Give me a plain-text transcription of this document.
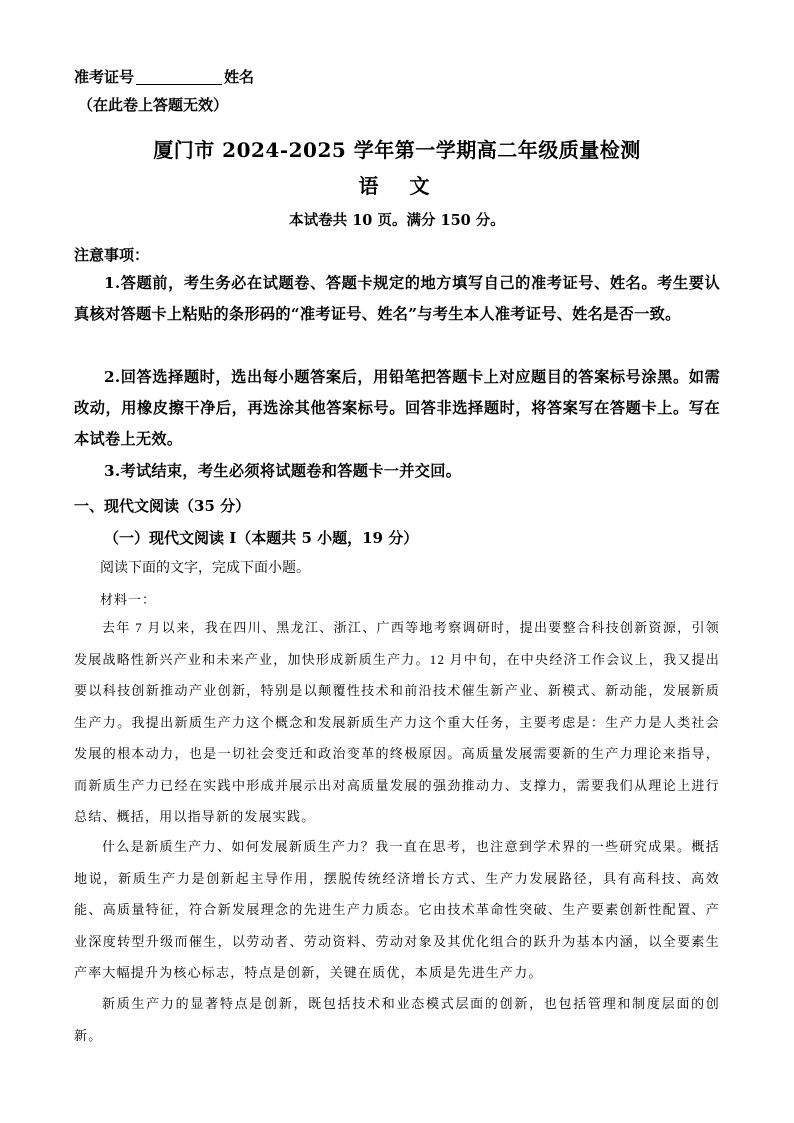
准考证号	姓名
（在此卷上答题无效）
厦门市 2024-2025 学年第一学期高二年级质量检测
语 文
本试卷共 10 页。满分 150 分。
注意事项：
1.答题前，考生务必在试题卷、答题卡规定的地方填写自己的准考证号、姓名。考生要认真核对答题卡上粘贴的条形码的“准考证号、姓名”与考生本人准考证号、姓名是否一致。
2.回答选择题时，选出每小题答案后，用铅笔把答题卡上对应题目的答案标号涂黑。如需改动，用橡皮擦干净后，再选涂其他答案标号。回答非选择题时，将答案写在答题卡上。写在本试卷上无效。
3.考试结束，考生必须将试题卷和答题卡一并交回。
一、现代文阅读（35 分）
（一）现代文阅读 I（本题共 5 小题，19 分）
阅读下面的文字，完成下面小题。
材料一：
去年 7 月以来，我在四川、黑龙江、浙江、广西等地考察调研时，提出要整合科技创新资源，引领发展战略性新兴产业和未来产业，加快形成新质生产力。12 月中旬，在中央经济工作会议上，我又提出要以科技创新推动产业创新，特别是以颠覆性技术和前沿技术催生新产业、新模式、新动能，发展新质生产力。我提出新质生产力这个概念和发展新质生产力这个重大任务，主要考虑是：生产力是人类社会发展的根本动力，也是一切社会变迁和政治变革的终极原因。高质量发展需要新的生产力理论来指导，而新质生产力已经在实践中形成并展示出对高质量发展的强劲推动力、支撑力，需要我们从理论上进行总结、概括，用以指导新的发展实践。
什么是新质生产力、如何发展新质生产力？我一直在思考，也注意到学术界的一些研究成果。概括地说，新质生产力是创新起主导作用，摆脱传统经济增长方式、生产力发展路径，具有高科技、高效能、高质量特征，符合新发展理念的先进生产力质态。它由技术革命性突破、生产要素创新性配置、产业深度转型升级而催生，以劳动者、劳动资料、劳动对象及其优化组合的跃升为基本内涵，以全要素生产率大幅提升为核心标志，特点是创新，关键在质优，本质是先进生产力。
新质生产力的显著特点是创新，既包括技术和业态模式层面的创新，也包括管理和制度层面的创新。
